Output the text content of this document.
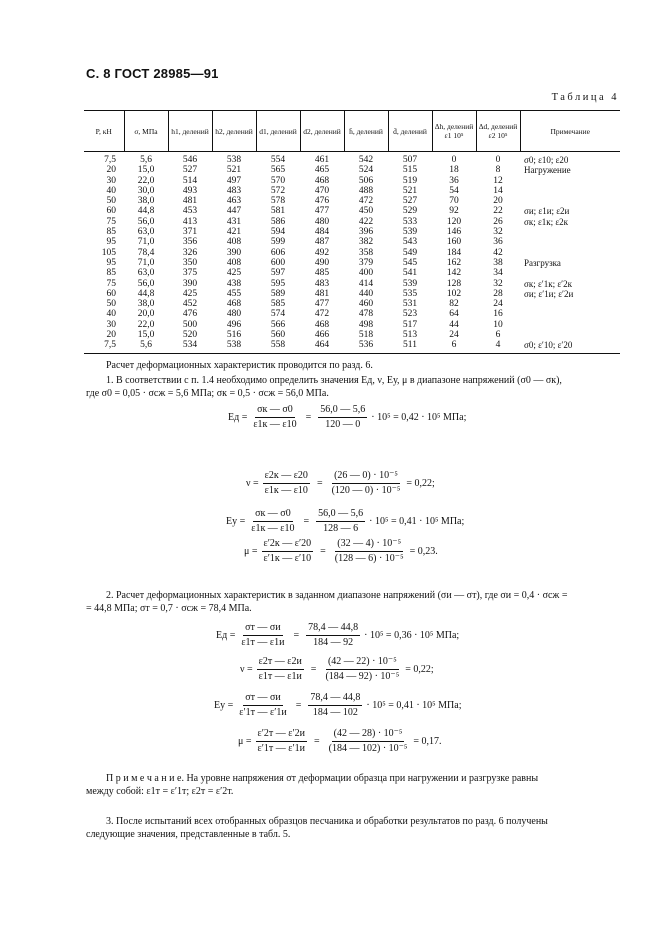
С. 8 ГОСТ 28985—91
Таблица 4
P, кН	σ, МПа	h1, делений	h2, делений	d1, делений	d2, делений	h̄, делений	d̄, делений	Δh, делений ε1 10⁵	Δd, делений ε2 10⁵	Примечание
7,5	5,6	546	538	554	461	542	507	0	0	σ0; ε10; ε20
20	15,0	527	521	565	465	524	515	18	8	Нагружение
30	22,0	514	497	570	468	506	519	36	12	
40	30,0	493	483	572	470	488	521	54	14	
50	38,0	481	463	578	476	472	527	70	20	
60	44,8	453	447	581	477	450	529	92	22	σи; ε1и; ε2и
75	56,0	413	431	586	480	422	533	120	26	σк; ε1к; ε2к
85	63,0	371	421	594	484	396	539	146	32	
95	71,0	356	408	599	487	382	543	160	36	
105	78,4	326	390	606	492	358	549	184	42	
95	71,0	350	408	600	490	379	545	162	38	Разгрузка
85	63,0	375	425	597	485	400	541	142	34	
75	56,0	390	438	595	483	414	539	128	32	σк; ε′1к; ε′2к
60	44,8	425	455	589	481	440	535	102	28	σи; ε′1и; ε′2и
50	38,0	452	468	585	477	460	531	82	24	
40	20,0	476	480	574	472	478	523	64	16	
30	22,0	500	496	566	468	498	517	44	10	
20	15,0	520	516	560	466	518	513	24	6	
7,5	5,6	534	538	558	464	536	511	6	4	σ0; ε′10; ε′20
Расчет деформационных характеристик проводится по разд. 6.
1. В соответствии с п. 1.4 необходимо определить значения Eд, ν, Eу, μ в диапазоне напряжений (σ0 — σк),
где σ0 = 0,05 · σсж = 5,6 МПа; σк = 0,5 · σсж = 56,0 МПа.
Eд = $\frac{\sigma к — \sigma 0}{\varepsilon 1к — \varepsilon 10} = \frac{56,0 — 5,6}{120 — 0} \cdot 10^5 = 0,42 \cdot 10^5$ МПа;
$\nu = \frac{\varepsilon 2к — \varepsilon 20}{\varepsilon 1к — \varepsilon 10} = \frac{\text{(26 — 0) · 10⁻⁵}}{\text{(120 — 0) · 10⁻⁵}} = 0,22$;
Eу = $\frac{\sigma к — \sigma 0}{\varepsilon 1к — \varepsilon 10} = \frac{56,0 — 5,6}{128 — 6} \cdot 10^5 = 0,41 \cdot 10^5$ МПа;
$\mu = \frac{\varepsilon'2к — \varepsilon'20}{\varepsilon'1к — \varepsilon'10} = \frac{\text{(32 — 4) · 10⁻⁵}}{\text{(128 — 6) · 10⁻⁵}} = 0,23$.
2. Расчет деформационных характеристик в заданном диапазоне напряжений (σи — σт), где σи = 0,4 · σсж =
= 44,8 МПа; σт = 0,7 · σсж = 78,4 МПа.
Eд = $\frac{\sigma т — \sigma и}{\varepsilon 1т — \varepsilon 1и} = \frac{78,4 — 44,8}{184 — 92} \cdot 10^5 = 0,36 \cdot 10^5$ МПа;
$\nu = \frac{\varepsilon 2т — \varepsilon 2и}{\varepsilon 1т — \varepsilon 1и} = \frac{\text{(42 — 22) · 10⁻⁵}}{\text{(184 — 92) · 10⁻⁵}} = 0,22$;
Eу = $\frac{\sigma т — \sigma и}{\varepsilon'1т — \varepsilon'1и} = \frac{78,4 — 44,8}{184 — 102} \cdot 10^5 = 0,41 \cdot 10^5$ МПа;
$\mu = \frac{\varepsilon'2т — \varepsilon'2и}{\varepsilon'1т — \varepsilon'1и} = \frac{\text{(42 — 28) · 10⁻⁵}}{\text{(184 — 102) · 10⁻⁵}} = 0,17$.
П р и м е ч а н и е. На уровне напряжения σт деформации образца при нагружении и разгрузке равны
между собой: ε1т = ε′1т; ε2т = ε′2т.
3. После испытаний всех отобранных образцов песчаника и обработки результатов по разд. 6 получены
следующие значения, представленные в табл. 5.
